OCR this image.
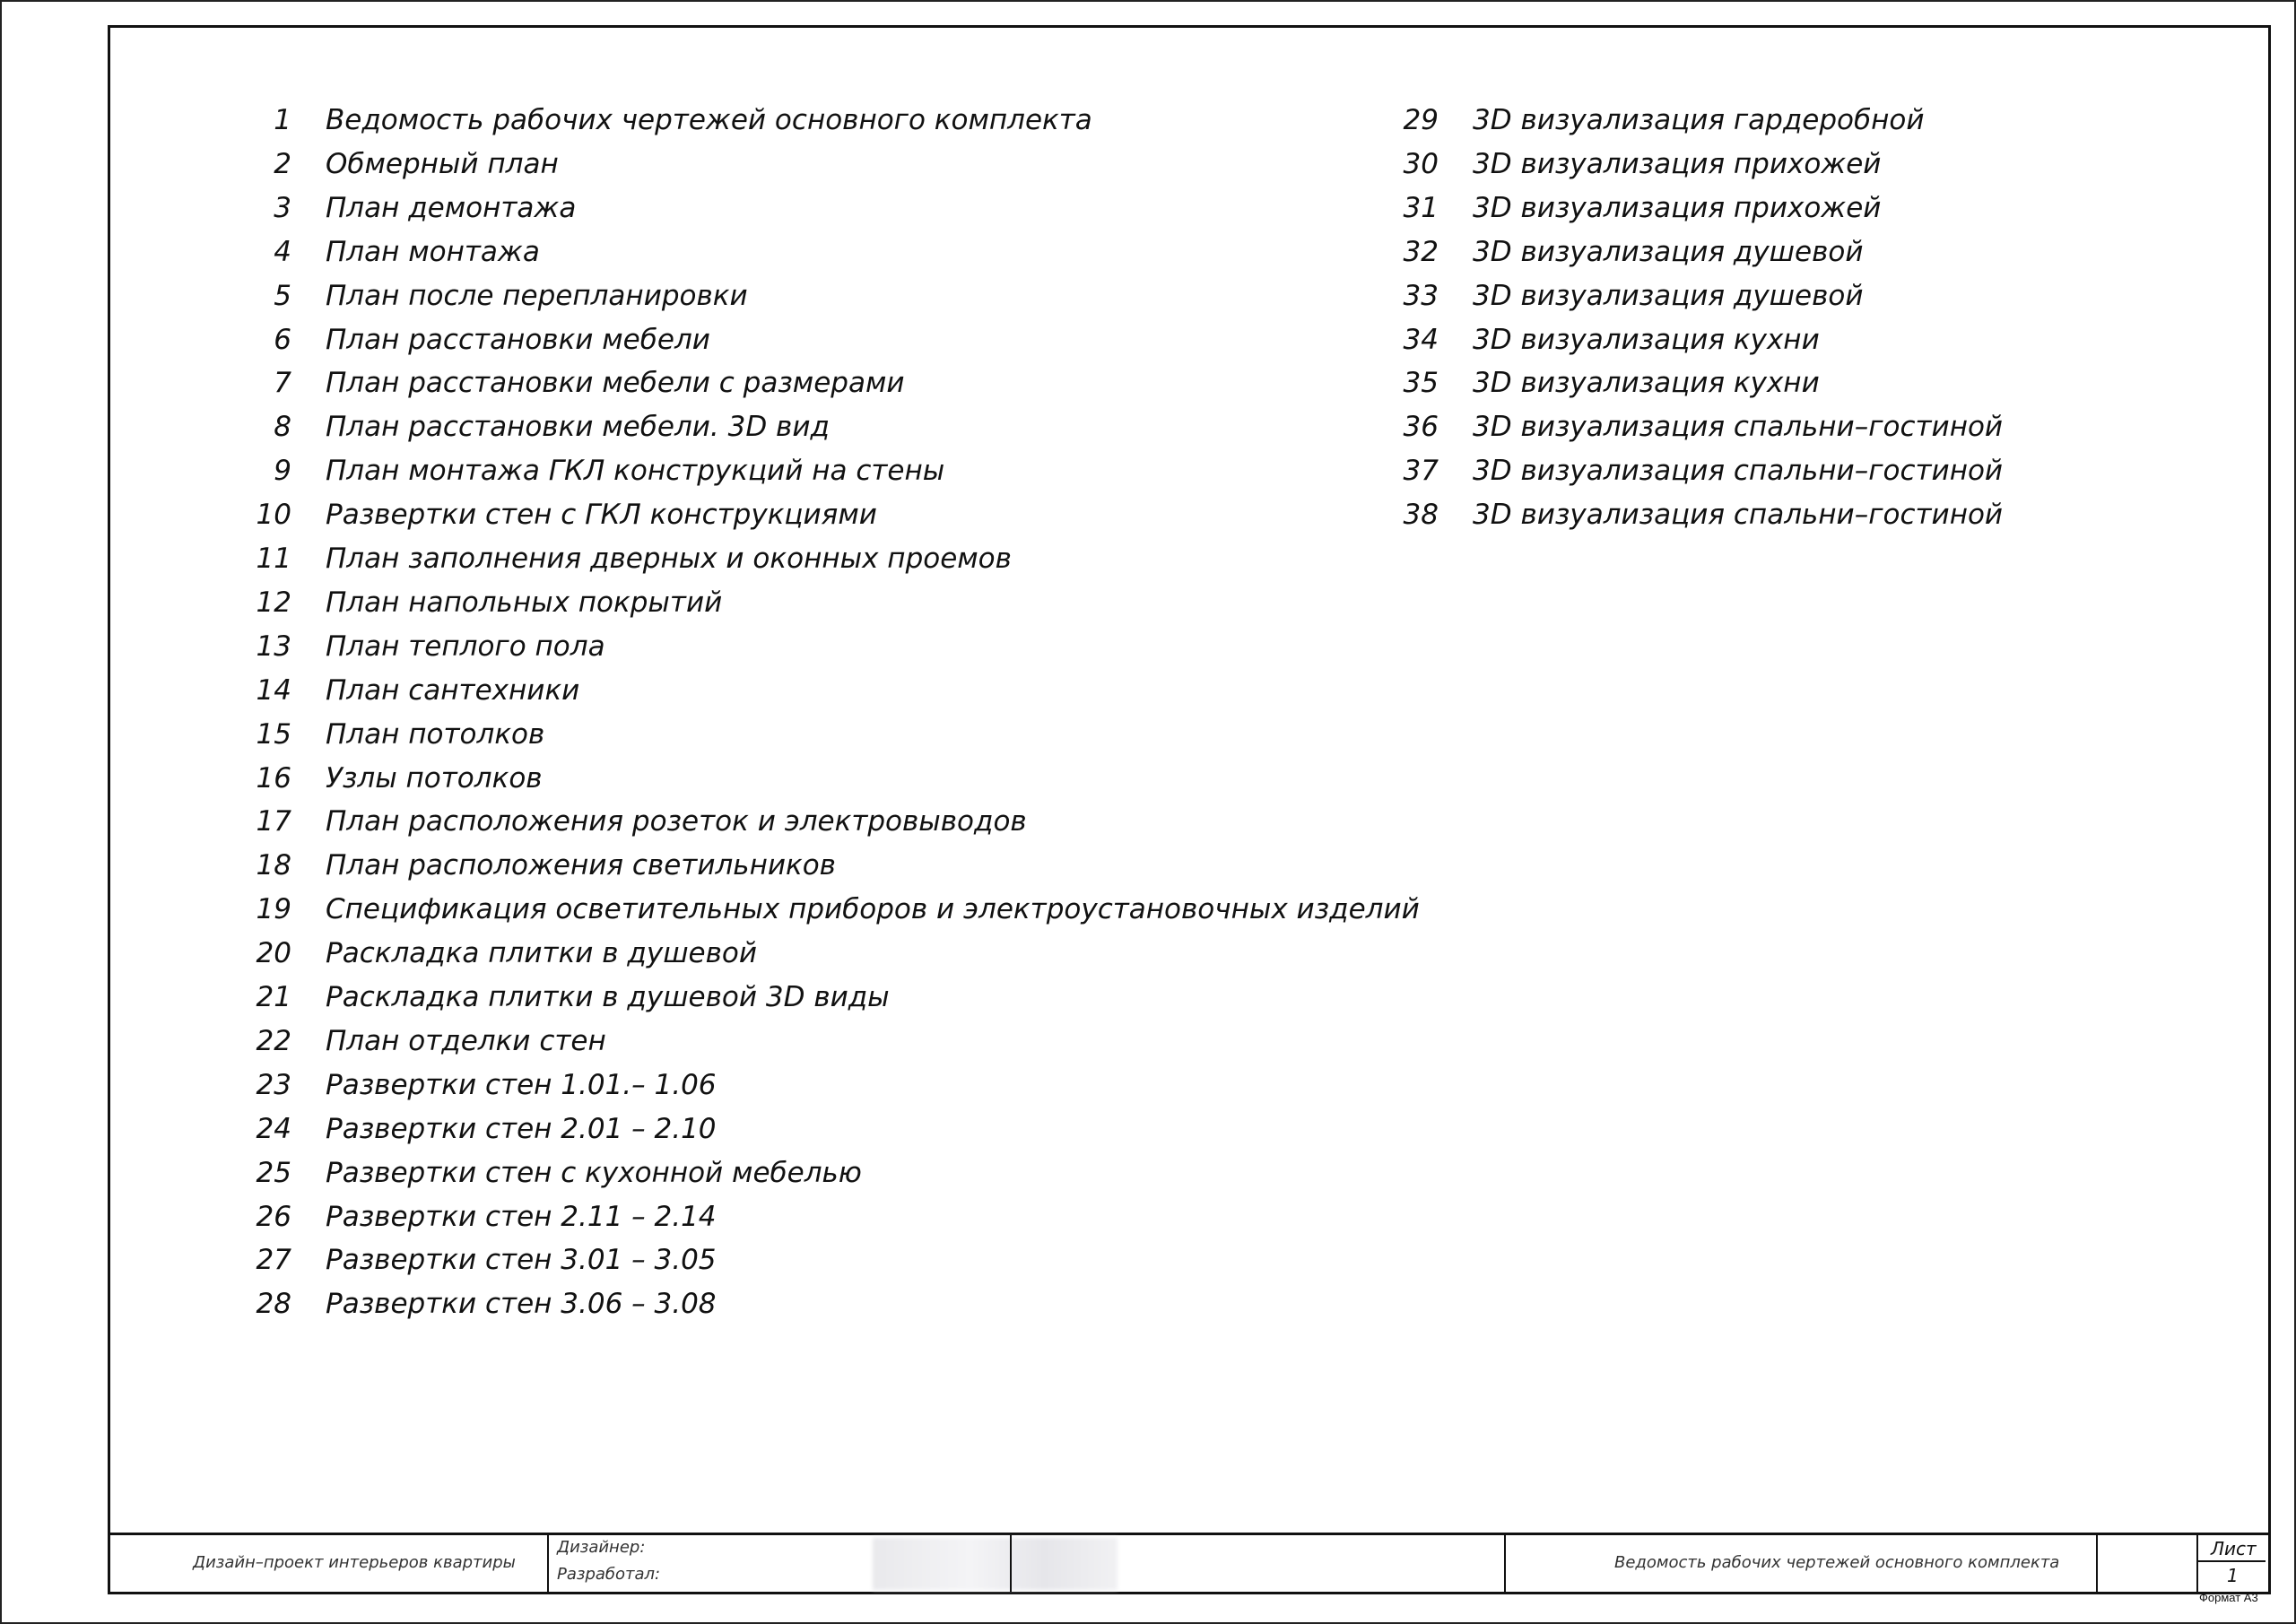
1 Ведомость рабочих чертежей основного комплекта
2 Обмерный план
3 План демонтажа
4 План монтажа
5 План после перепланировки
6 План расстановки мебели
7 План расстановки мебели с размерами
8 План расстановки мебели. 3D вид
9 План монтажа ГКЛ конструкций на стены
10 Развертки стен с ГКЛ конструкциями
11 План заполнения дверных и оконных проемов
12 План напольных покрытий
13 План теплого пола
14 План сантехники
15 План потолков
16 Узлы потолков
17 План расположения розеток и электровыводов
18 План расположения светильников
19 Спецификация осветительных приборов и электроустановочных изделий
20 Раскладка плитки в душевой
21 Раскладка плитки в душевой 3D виды
22 План отделки стен
23 Развертки стен 1.01.– 1.06
24 Развертки стен 2.01 – 2.10
25 Развертки стен с кухонной мебелью
26 Развертки стен 2.11 – 2.14
27 Развертки стен 3.01 – 3.05
28 Развертки стен 3.06 – 3.08
29 3D визуализация гардеробной
30 3D визуализация прихожей
31 3D визуализация прихожей
32 3D визуализация душевой
33 3D визуализация душевой
34 3D визуализация кухни
35 3D визуализация кухни
36 3D визуализация спальни–гостиной
37 3D визуализация спальни–гостиной
38 3D визуализация спальни–гостиной
Дизайн–проект интерьеров квартиры
Дизайнер:
Разработал:
Ведомость рабочих чертежей основного комплекта
Лист
1
Формат А3
